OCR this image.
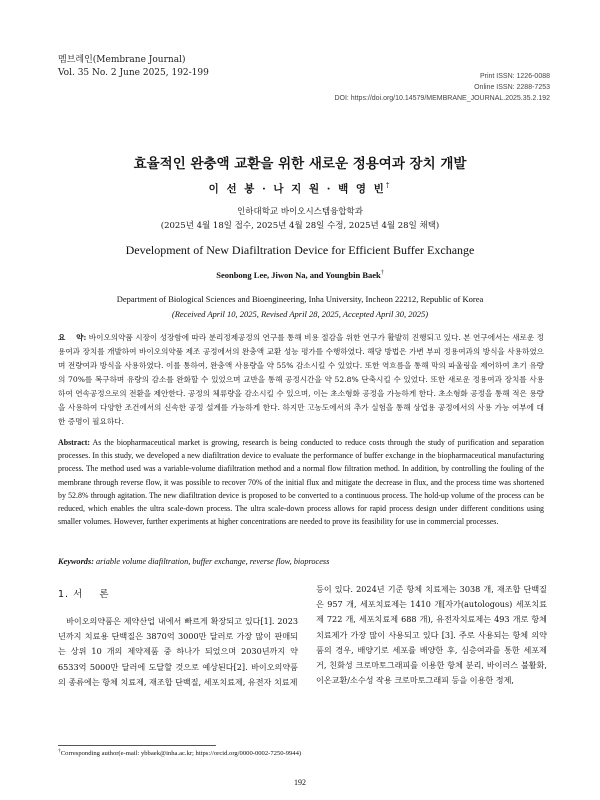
멤브레인(Membrane Journal)
Vol. 35 No. 2 June 2025, 192-199	Print ISSN: 1226-0088
Online ISSN: 2288-7253
DOI: https://doi.org/10.14579/MEMBRANE_JOURNAL.2025.35.2.192
효율적인 완충액 교환을 위한 새로운 정용여과 장치 개발
이 선 봉 · 나 지 원 · 백 영 빈†
인하대학교 바이오시스템융합학과
(2025년 4월 18일 접수, 2025년 4월 28일 수정, 2025년 4월 28일 채택)
Development of New Diafiltration Device for Efficient Buffer Exchange
Seonbong Lee, Jiwon Na, and Youngbin Baek†
Department of Biological Sciences and Bioengineering, Inha University, Incheon 22212, Republic of Korea
(Received April 10, 2025, Revised April 28, 2025, Accepted April 30, 2025)
요    약: 바이오의약품 시장이 성장함에 따라 분리정제공정의 연구를 통해 비용 절감을 위한 연구가 활발히 진행되고 있다. 본 연구에서는 새로운 정용여과 장치를 개발하여 바이오의약품 제조 공정에서의 완충액 교환 성능 평가를 수행하였다. 해당 방법은 가변 부피 정용여과의 방식을 사용하였으며 전량여과 방식을 사용하였다. 이를 통하여, 완충액 사용량을 약 55% 감소시킬 수 있었다. 또한 역흐름을 통해 막의 파울링을 제어하여 초기 유량의 70%를 복구하며 유량의 감소를 완화할 수 있었으며 교반을 통해 공정시간을 약 52.8% 단축시킬 수 있었다. 또한 새로운 정용여과 장치를 사용하여 연속공정으로의 전환을 제안한다. 공정의 체류량을 감소시킬 수 있으며, 이는 초소형화 공정을 가능하게 한다. 초소형화 공정을 통해 적은 용량을 사용하여 다양한 조건에서의 신속한 공정 설계를 가능하게 한다. 하지만 고농도에서의 추가 실험을 통해 상업용 공정에서의 사용 가능 여부에 대한 증명이 필요하다.
Abstract: As the biopharmaceutical market is growing, research is being conducted to reduce costs through the study of purification and separation processes. In this study, we developed a new diafiltration device to evaluate the performance of buffer exchange in the biopharmaceutical manufacturing process. The method used was a variable-volume diafiltration method and a normal flow filtration method. In addition, by controlling the fouling of the membrane through reverse flow, it was possible to recover 70% of the initial flux and mitigate the decrease in flux, and the process time was shortened by 52.8% through agitation. The new diafiltration device is proposed to be converted to a continuous process. The hold-up volume of the process can be reduced, which enables the ultra scale-down process. The ultra scale-down process allows for rapid process design under different conditions using smaller volumes. However, further experiments at higher concentrations are needed to prove its feasibility for use in commercial processes.
Keywords: ariable volume diafiltration, buffer exchange, reverse flow, bioprocess
1. 서    론
바이오의약품은 제약산업 내에서 빠르게 확장되고 있다[1]. 2023년까지 치료용 단백질은 3870억 3000만 달러로 가장 많이 판매되는 상위 10 개의 제약제품 중 하나가 되었으며 2030년까지 약 6533억 5000만 달러에 도달할 것으로 예상된다[2]. 바이오의약품의 종류에는 항체 치료제, 재조합 단백질, 세포치료제, 유전자 치료제
등이 있다. 2024년 기준 항체 치료제는 3038 개, 재조합 단백질은 957 개, 세포치료제는 1410 개[자가(autologous) 세포치료제 722 개, 세포치료제 688 개), 유전자치료제는 493 개로 항체 치료제가 가장 많이 사용되고 있다 [3]. 주로 사용되는 항체 의약품의 경우, 배양기로 세포를 배양한 후, 심층여과를 통한 세포제거, 친화성 크로마토그래피를 이용한 항체 분리, 바이러스 불활화, 이온교환/소수성 작용 크로마토그래피 등을 이용한 정제,
†Corresponding author(e-mail: ybbaek@inha.ac.kr; https://orcid.org/0000-0002-7250-9944)
192
